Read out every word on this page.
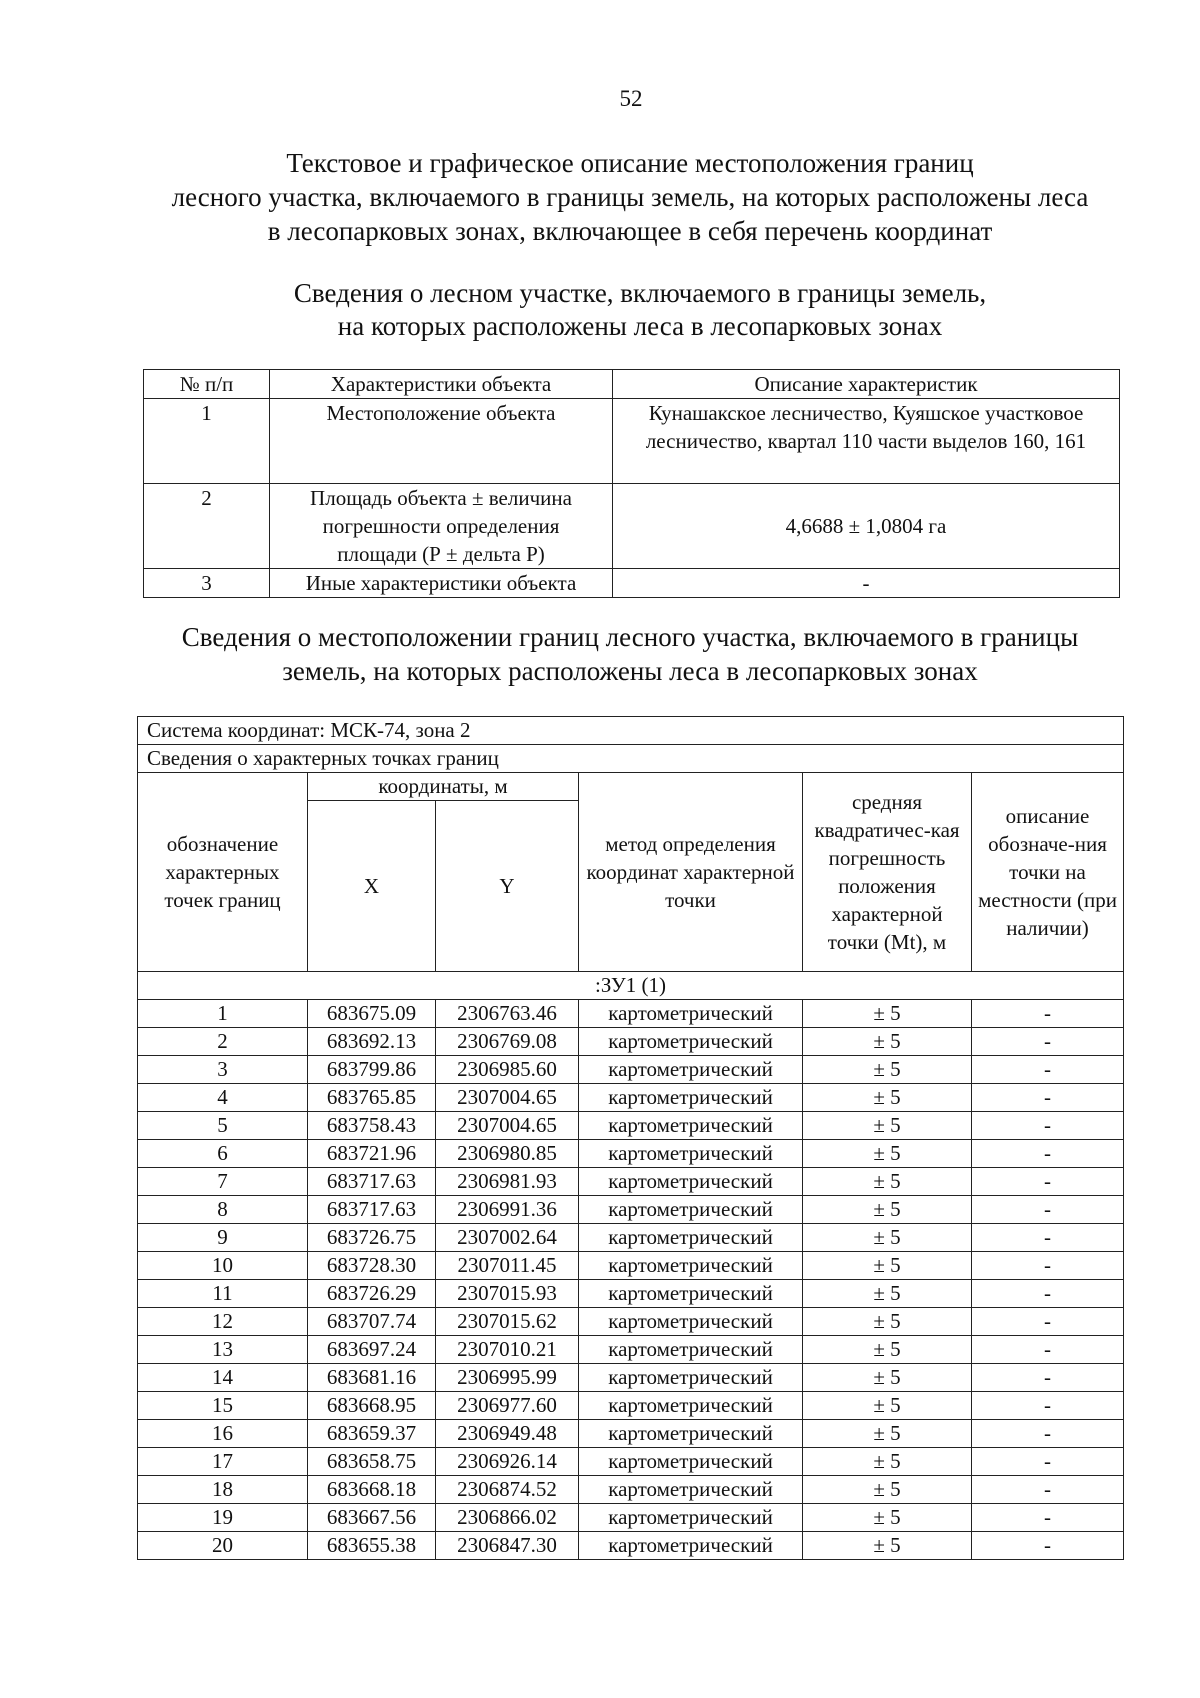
52
Текстовое и графическое описание местоположения границ
лесного участка, включаемого в границы земель, на которых расположены леса
в лесопарковых зонах, включающее в себя перечень координат
Сведения о лесном участке, включаемого в границы земель,
на которых расположены леса в лесопарковых зонах
№ п/п	Характеристики объекта	Описание характеристик
1	Местоположение объекта	Кунашакское лесничество, Куяшское участковое лесничество, квартал 110 части выделов 160, 161
2	Площадь объекта ± величина погрешности определения площади (Р ± дельта Р)	4,6688 ± 1,0804 га
3	Иные характеристики объекта	-
Сведения о местоположении границ лесного участка, включаемого в границы
земель, на которых расположены леса в лесопарковых зонах
Система координат: МСК-74, зона 2					
Сведения о характерных точках границ					
обозначение характерных точек границ	координаты, м		метод определения координат характерной точки	средняя квадратичес-кая погрешность положения характерной точки (Mt), м	описание обозначе-ния точки на местности (при наличии)
	X	Y			
:ЗУ1 (1)					
1	683675.09	2306763.46	картометрический	± 5	-
2	683692.13	2306769.08	картометрический	± 5	-
3	683799.86	2306985.60	картометрический	± 5	-
4	683765.85	2307004.65	картометрический	± 5	-
5	683758.43	2307004.65	картометрический	± 5	-
6	683721.96	2306980.85	картометрический	± 5	-
7	683717.63	2306981.93	картометрический	± 5	-
8	683717.63	2306991.36	картометрический	± 5	-
9	683726.75	2307002.64	картометрический	± 5	-
10	683728.30	2307011.45	картометрический	± 5	-
11	683726.29	2307015.93	картометрический	± 5	-
12	683707.74	2307015.62	картометрический	± 5	-
13	683697.24	2307010.21	картометрический	± 5	-
14	683681.16	2306995.99	картометрический	± 5	-
15	683668.95	2306977.60	картометрический	± 5	-
16	683659.37	2306949.48	картометрический	± 5	-
17	683658.75	2306926.14	картометрический	± 5	-
18	683668.18	2306874.52	картометрический	± 5	-
19	683667.56	2306866.02	картометрический	± 5	-
20	683655.38	2306847.30	картометрический	± 5	-
